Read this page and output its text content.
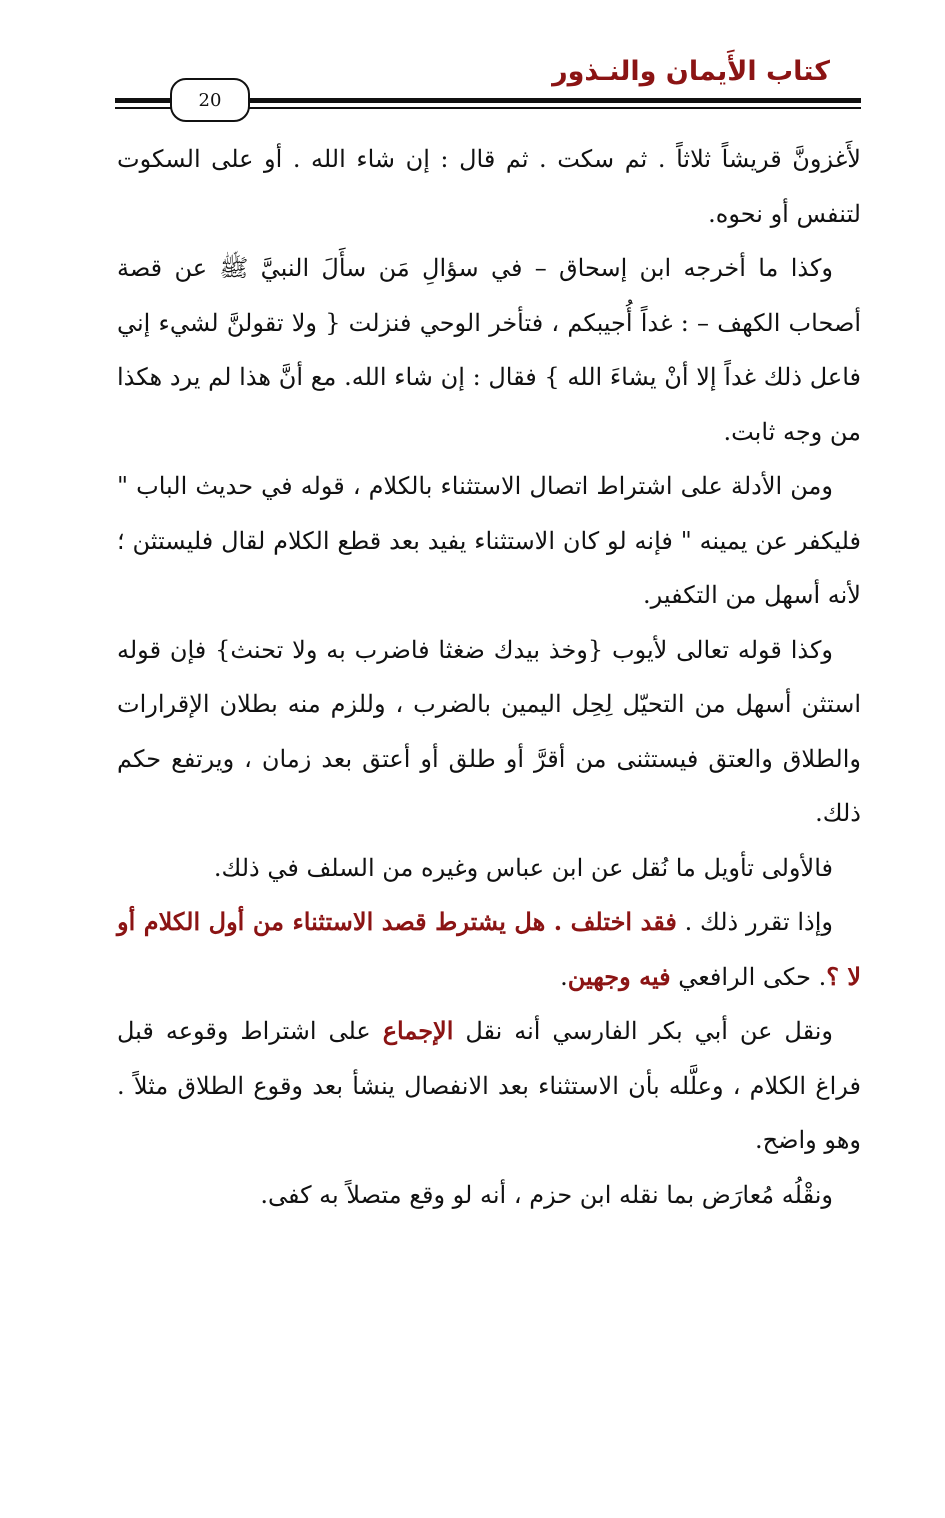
كتاب الأَيمان والنـذور
20

لأَغزونَّ قريشاً ثلاثاً . ثم سكت . ثم قال : إن شاء الله . أو على السكوت لتنفس أو نحوه.

وكذا ما أخرجه ابن إسحاق – في سؤالِ مَن سأَلَ النبيَّ ﷺ عن قصة أصحاب الكهف – : غداً أُجيبكم ، فتأخر الوحي فنزلت { ولا تقولنَّ لشيء إني فاعل ذلك غداً إلا أنْ يشاءَ الله } فقال : إن شاء الله. مع أنَّ هذا لم يرد هكذا من وجه ثابت.

ومن الأدلة على اشتراط اتصال الاستثناء بالكلام ، قوله في حديث الباب " فليكفر عن يمينه " فإنه لو كان الاستثناء يفيد بعد قطع الكلام لقال فليستثن ؛ لأنه أسهل من التكفير.

وكذا قوله تعالى لأيوب {وخذ بيدك ضغثا فاضرب به ولا تحنث} فإن قوله استثن أسهل من التحيّل لِحِل اليمين بالضرب ، وللزم منه بطلان الإقرارات والطلاق والعتق فيستثنى من أقرَّ أو طلق أو أعتق بعد زمان ، ويرتفع حكم ذلك.

فالأولى تأويل ما نُقل عن ابن عباس وغيره من السلف في ذلك.

وإذا تقرر ذلك . فقد اختلف . هل يشترط قصد الاستثناء من أول الكلام أو لا ؟. حكى الرافعي فيه وجهين.

ونقل عن أبي بكر الفارسي أنه نقل الإجماع على اشتراط وقوعه قبل فراغ الكلام ، وعلَّله بأن الاستثناء بعد الانفصال ينشأ بعد وقوع الطلاق مثلاً . وهو واضح.

ونقْلُه مُعارَض بما نقله ابن حزم ، أنه لو وقع متصلاً به كفى.
